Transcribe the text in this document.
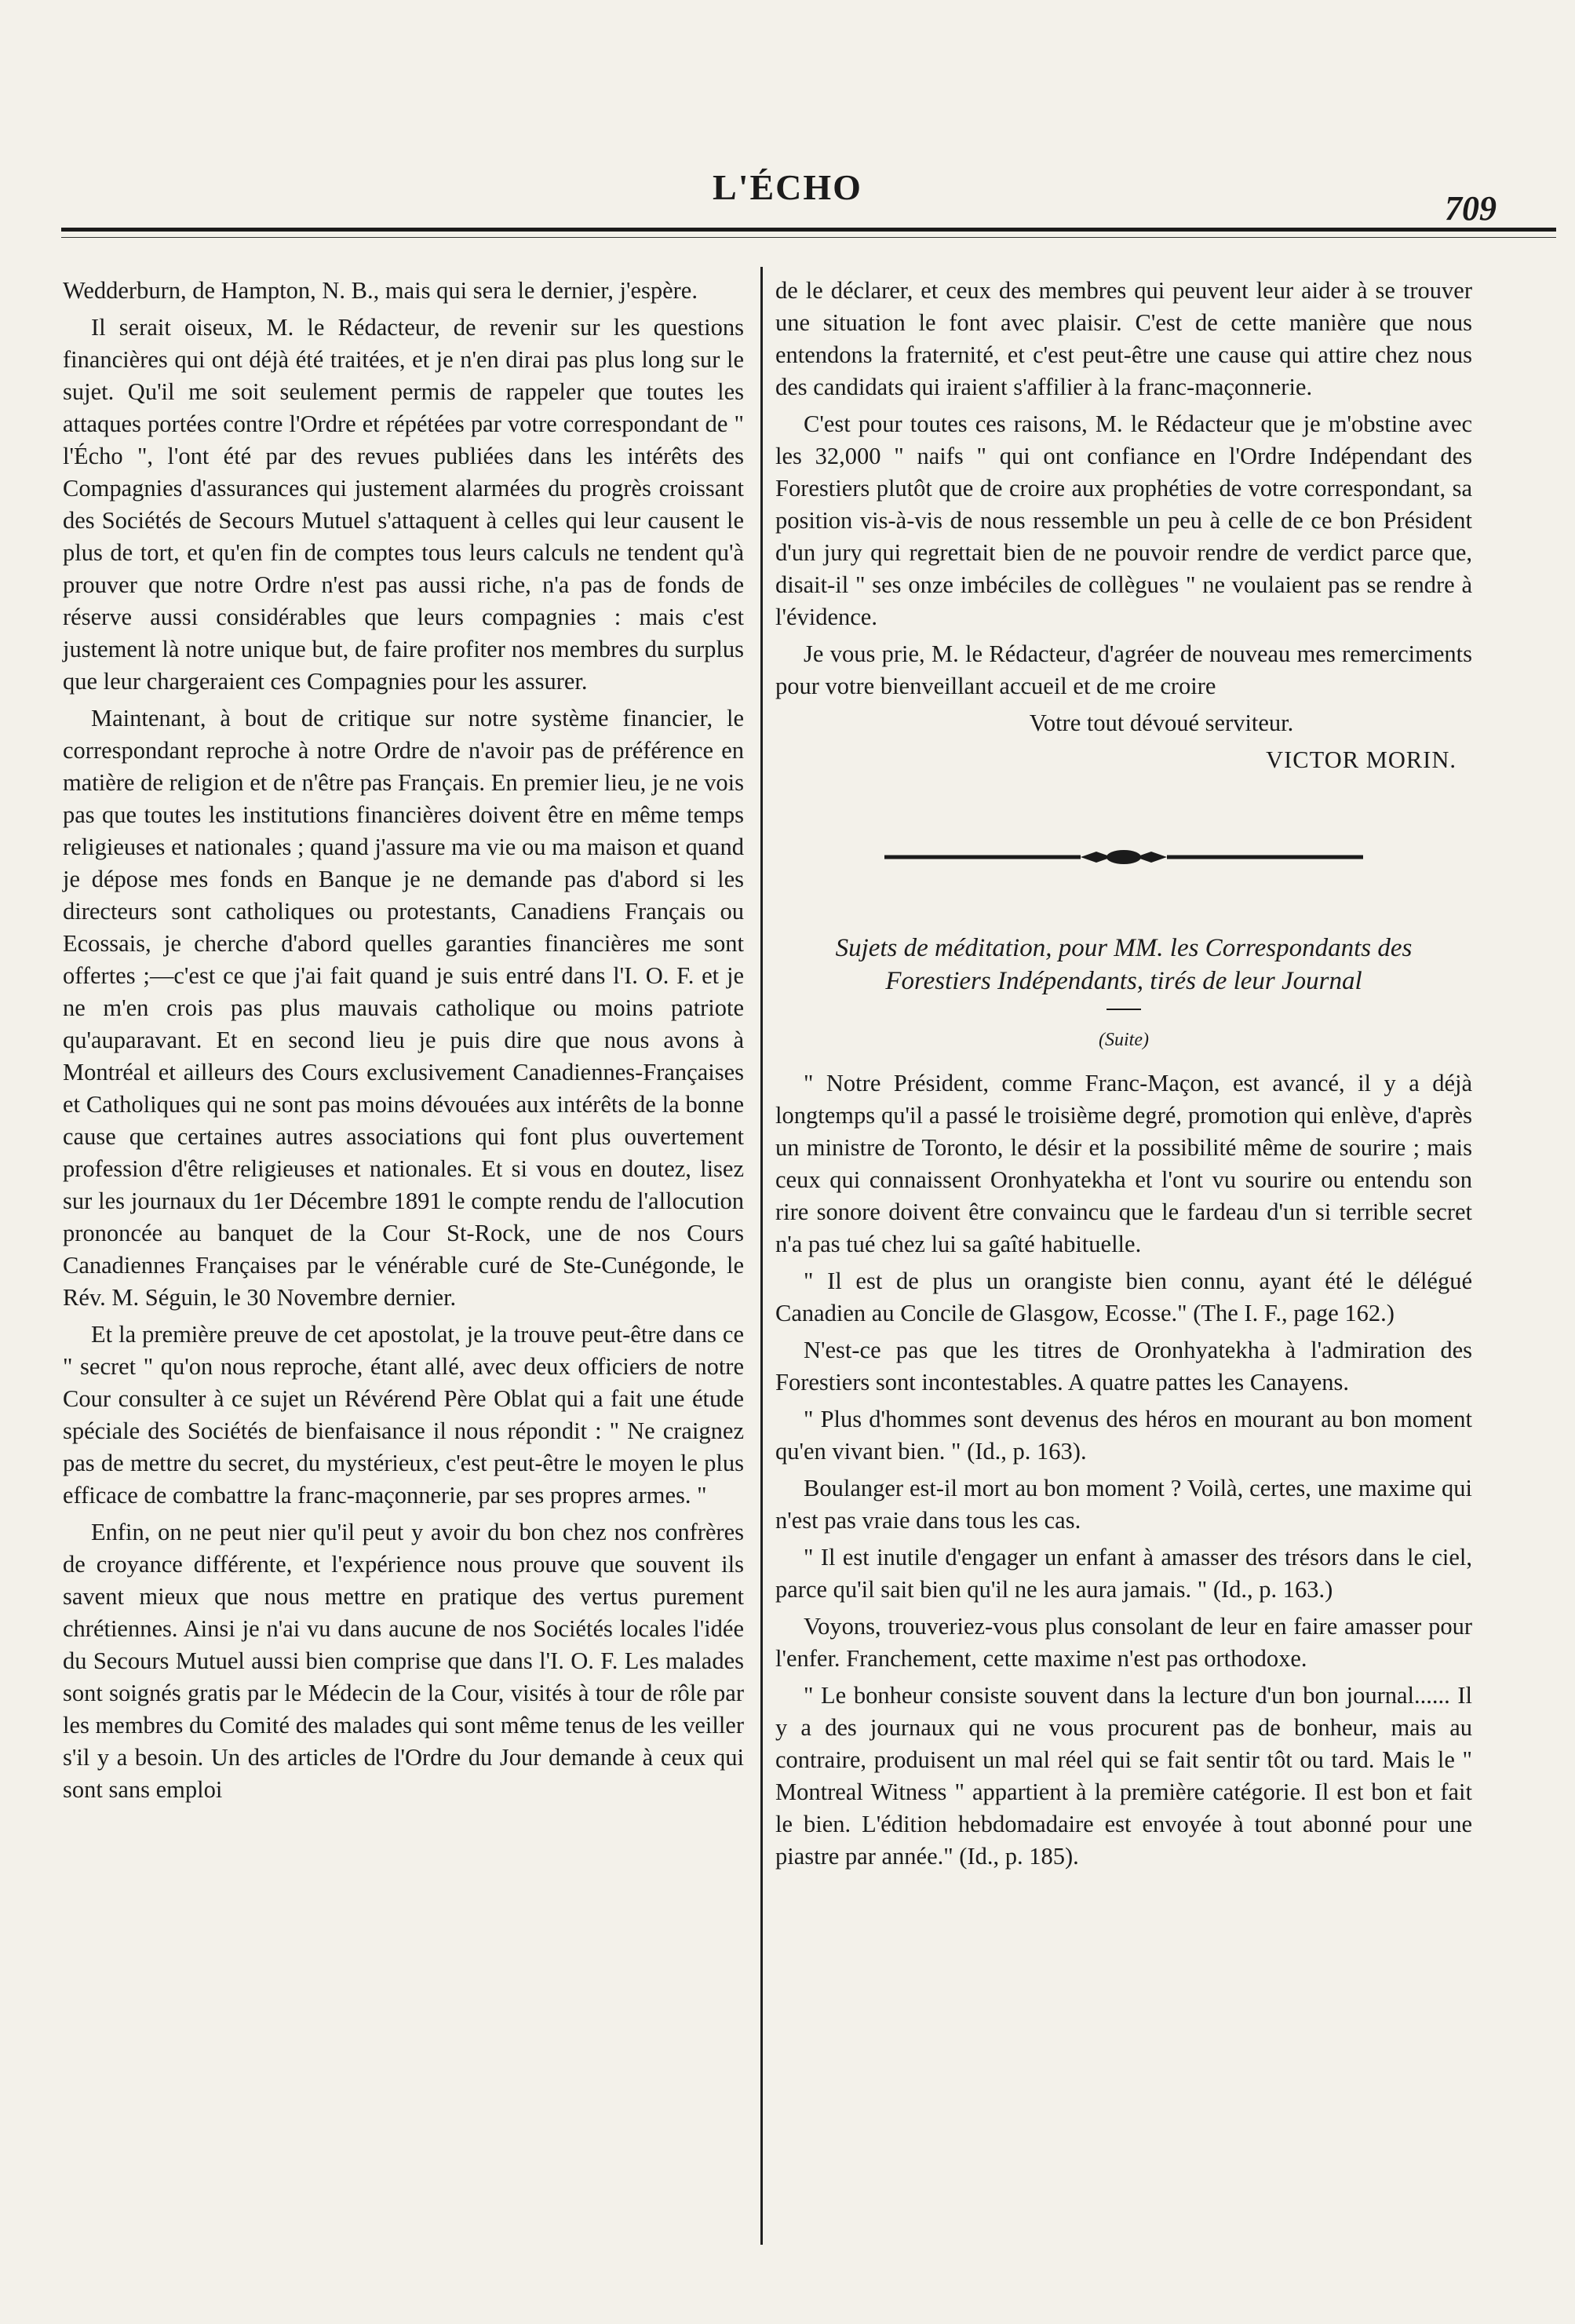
L'ÉCHO
709

Wedderburn, de Hampton, N. B., mais qui sera le dernier, j'espère.

Il serait oiseux, M. le Rédacteur, de revenir sur les questions financières qui ont déjà été traitées, et je n'en dirai pas plus long sur le sujet. Qu'il me soit seulement permis de rappeler que toutes les attaques portées contre l'Ordre et répétées par votre correspondant de " l'Écho ", l'ont été par des revues publiées dans les intérêts des Compagnies d'assurances qui justement alarmées du progrès croissant des Sociétés de Secours Mutuel s'attaquent à celles qui leur causent le plus de tort, et qu'en fin de comptes tous leurs calculs ne tendent qu'à prouver que notre Ordre n'est pas aussi riche, n'a pas de fonds de réserve aussi considérables que leurs compagnies : mais c'est justement là notre unique but, de faire profiter nos membres du surplus que leur chargeraient ces Compagnies pour les assurer.

Maintenant, à bout de critique sur notre système financier, le correspondant reproche à notre Ordre de n'avoir pas de préférence en matière de religion et de n'être pas Français. En premier lieu, je ne vois pas que toutes les institutions financières doivent être en même temps religieuses et nationales ; quand j'assure ma vie ou ma maison et quand je dépose mes fonds en Banque je ne demande pas d'abord si les directeurs sont catholiques ou protestants, Canadiens Français ou Ecossais, je cherche d'abord quelles garanties financières me sont offertes ;—c'est ce que j'ai fait quand je suis entré dans l'I. O. F. et je ne m'en crois pas plus mauvais catholique ou moins patriote qu'auparavant. Et en second lieu je puis dire que nous avons à Montréal et ailleurs des Cours exclusivement Canadiennes-Françaises et Catholiques qui ne sont pas moins dévouées aux intérêts de la bonne cause que certaines autres associations qui font plus ouvertement profession d'être religieuses et nationales. Et si vous en doutez, lisez sur les journaux du 1er Décembre 1891 le compte rendu de l'allocution prononcée au banquet de la Cour St-Rock, une de nos Cours Canadiennes Françaises par le vénérable curé de Ste-Cunégonde, le Rév. M. Séguin, le 30 Novembre dernier.

Et la première preuve de cet apostolat, je la trouve peut-être dans ce " secret " qu'on nous reproche, étant allé, avec deux officiers de notre Cour consulter à ce sujet un Révérend Père Oblat qui a fait une étude spéciale des Sociétés de bienfaisance il nous répondit : " Ne craignez pas de mettre du secret, du mystérieux, c'est peut-être le moyen le plus efficace de combattre la franc-maçonnerie, par ses propres armes. "

Enfin, on ne peut nier qu'il peut y avoir du bon chez nos confrères de croyance différente, et l'expérience nous prouve que souvent ils savent mieux que nous mettre en pratique des vertus purement chrétiennes. Ainsi je n'ai vu dans aucune de nos Sociétés locales l'idée du Secours Mutuel aussi bien comprise que dans l'I. O. F. Les malades sont soignés gratis par le Médecin de la Cour, visités à tour de rôle par les membres du Comité des malades qui sont même tenus de les veiller s'il y a besoin. Un des articles de l'Ordre du Jour demande à ceux qui sont sans emploi

de le déclarer, et ceux des membres qui peuvent leur aider à se trouver une situation le font avec plaisir. C'est de cette manière que nous entendons la fraternité, et c'est peut-être une cause qui attire chez nous des candidats qui iraient s'affilier à la franc-maçonnerie.

C'est pour toutes ces raisons, M. le Rédacteur que je m'obstine avec les 32,000 " naifs " qui ont confiance en l'Ordre Indépendant des Forestiers plutôt que de croire aux prophéties de votre correspondant, sa position vis-à-vis de nous ressemble un peu à celle de ce bon Président d'un jury qui regrettait bien de ne pouvoir rendre de verdict parce que, disait-il " ses onze imbéciles de collègues " ne voulaient pas se rendre à l'évidence.

Je vous prie, M. le Rédacteur, d'agréer de nouveau mes remerciments pour votre bienveillant accueil et de me croire

Votre tout dévoué serviteur.

VICTOR MORIN.

Sujets de méditation, pour MM. les Correspondants des Forestiers Indépendants, tirés de leur Journal
(Suite)

" Notre Président, comme Franc-Maçon, est avancé, il y a déjà longtemps qu'il a passé le troisième degré, promotion qui enlève, d'après un ministre de Toronto, le désir et la possibilité même de sourire ; mais ceux qui connaissent Oronhyatekha et l'ont vu sourire ou entendu son rire sonore doivent être convaincu que le fardeau d'un si terrible secret n'a pas tué chez lui sa gaîté habituelle.

" Il est de plus un orangiste bien connu, ayant été le délégué Canadien au Concile de Glasgow, Ecosse." (The I. F., page 162.)

N'est-ce pas que les titres de Oronhyatekha à l'admiration des Forestiers sont incontestables. A quatre pattes les Canayens.

" Plus d'hommes sont devenus des héros en mourant au bon moment qu'en vivant bien. " (Id., p. 163).

Boulanger est-il mort au bon moment ? Voilà, certes, une maxime qui n'est pas vraie dans tous les cas.

" Il est inutile d'engager un enfant à amasser des trésors dans le ciel, parce qu'il sait bien qu'il ne les aura jamais. " (Id., p. 163.)

Voyons, trouveriez-vous plus consolant de leur en faire amasser pour l'enfer. Franchement, cette maxime n'est pas orthodoxe.

" Le bonheur consiste souvent dans la lecture d'un bon journal...... Il y a des journaux qui ne vous procurent pas de bonheur, mais au contraire, produisent un mal réel qui se fait sentir tôt ou tard. Mais le " Montreal Witness " appartient à la première catégorie. Il est bon et fait le bien. L'édition hebdomadaire est envoyée à tout abonné pour une piastre par année." (Id., p. 185).
